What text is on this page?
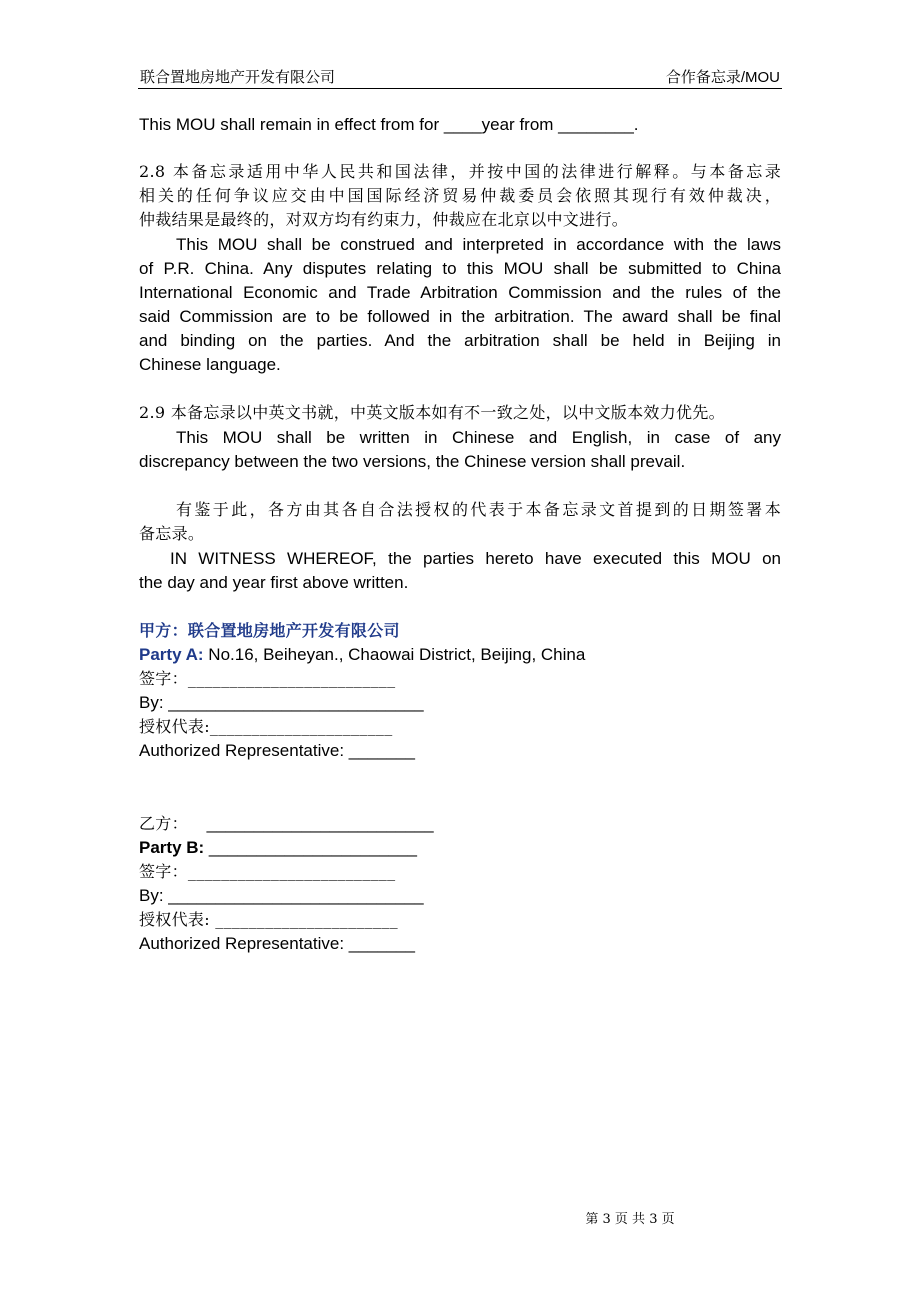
联合置地房地产开发有限公司	合作备忘录/MOU
This MOU shall remain in effect from for ____year from ________.
2.8 本备忘录适用中华人民共和国法律，并按中国的法律进行解释。与本备忘录
相关的任何争议应交由中国国际经济贸易仲裁委员会依照其现行有效仲裁决，
仲裁结果是最终的，对双方均有约束力，仲裁应在北京以中文进行。
This MOU shall be construed and interpreted in accordance with the laws
of P.R. China. Any disputes relating to this MOU shall be submitted to China
International Economic and Trade Arbitration Commission and the rules of the
said Commission are to be followed in the arbitration. The award shall be final
and binding on the parties. And the arbitration shall be held in Beijing in
Chinese language.
2.9 本备忘录以中英文书就，中英文版本如有不一致之处，以中文版本效力优先。
This MOU shall be written in Chinese and English, in case of any
discrepancy between the two versions, the Chinese version shall prevail.
有鉴于此，各方由其各自合法授权的代表于本备忘录文首提到的日期签署本
备忘录。
IN WITNESS WHEREOF, the parties hereto have executed this MOU on
the day and year first above written.
甲方：联合置地房地产开发有限公司
Party A: No.16, Beiheyan., Chaowai District, Beijing, China
签字：_________________________
By: ___________________________
授权代表:______________________
Authorized Representative: _______
乙方： ________________________
Party B: ______________________
签字：_________________________
By: ___________________________
授权代表: ______________________
Authorized Representative: _______
第 3 页 共 3 页
